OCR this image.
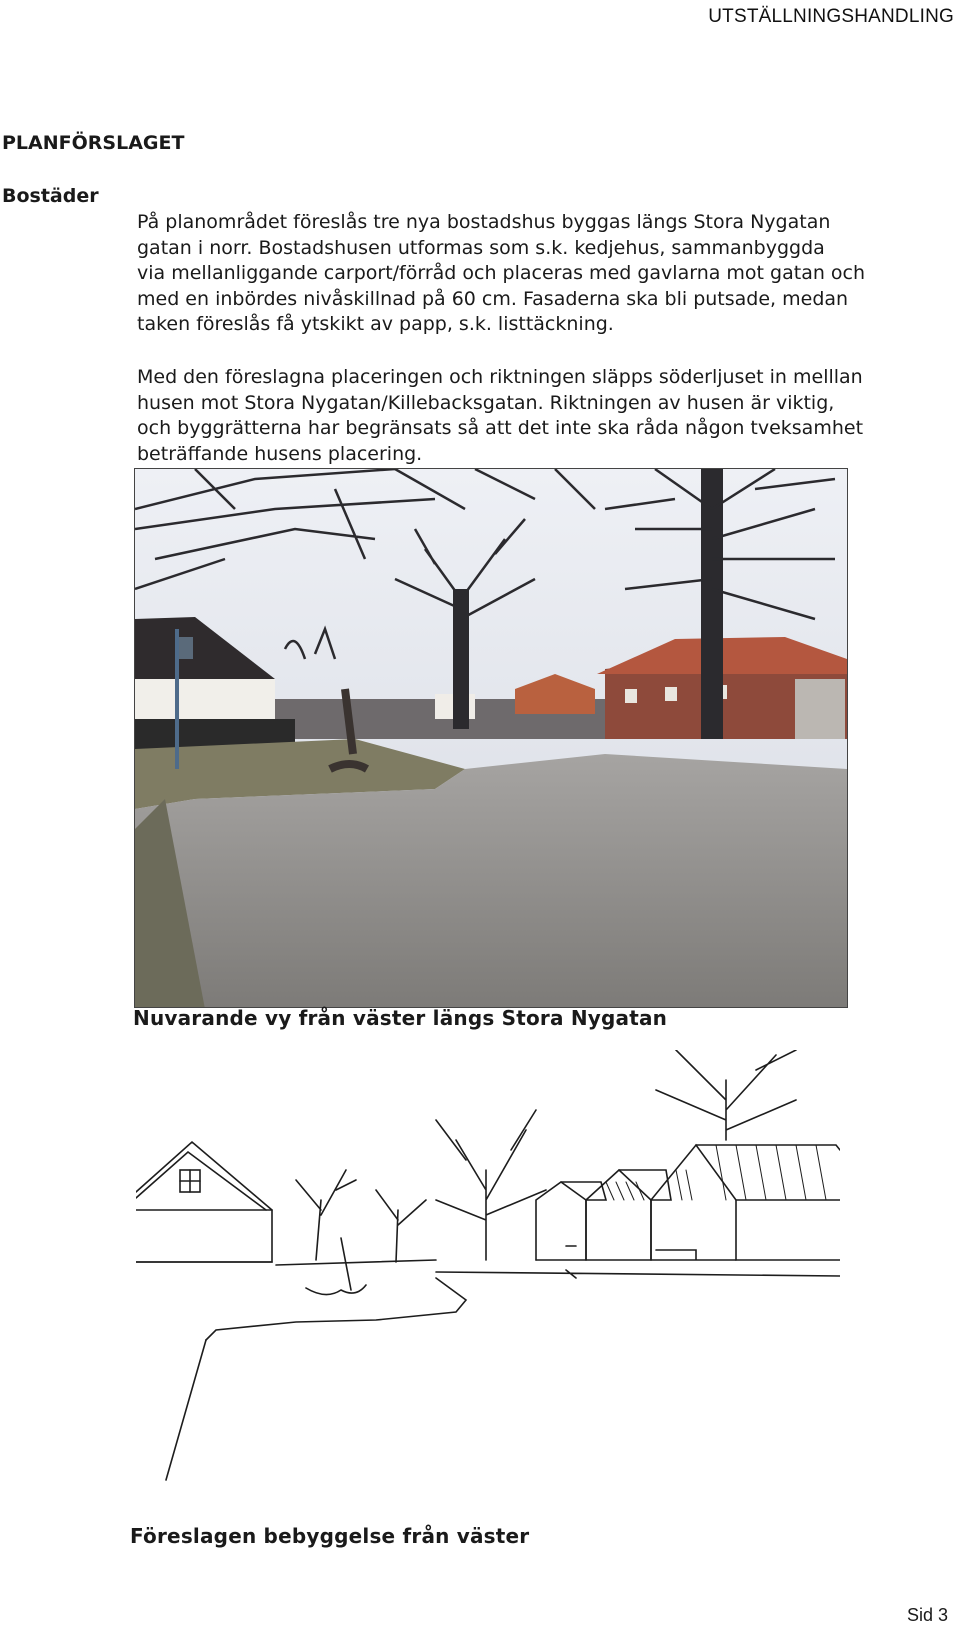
UTSTÄLLNINGSHANDLING
PLANFÖRSLAGET
Bostäder

På planområdet föreslås tre nya bostadshus byggas längs Stora Nygatan
gatan i norr. Bostadshusen utformas som s.k. kedjehus, sammanbyggda
via mellanliggande carport/förråd och placeras med gavlarna mot gatan och
med en inbördes nivåskillnad på 60 cm. Fasaderna ska bli putsade, medan
taken föreslås få ytskikt av papp, s.k. listtäckning.

Med den föreslagna placeringen och riktningen släpps söderljuset in melllan
husen mot Stora Nygatan/Killebacksgatan. Riktningen av husen är viktig,
och byggrätterna har begränsats så att det inte ska råda någon tveksamhet
beträffande husens placering.

Nuvarande vy från väster längs Stora Nygatan
Föreslagen bebyggelse från väster
Sid 3
